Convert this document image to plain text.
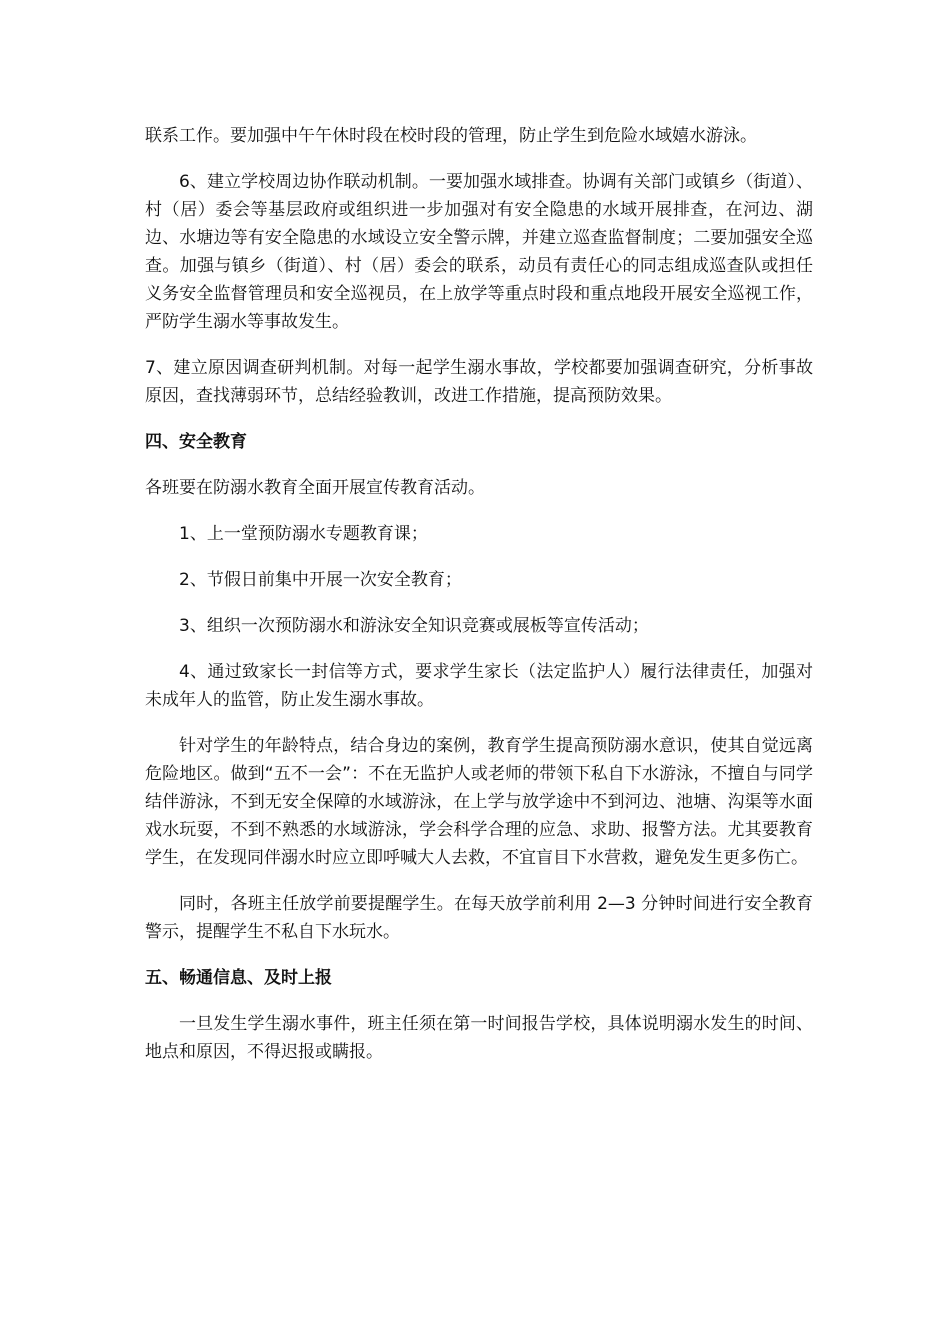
联系工作。要加强中午午休时段在校时段的管理，防止学生到危险水域嬉水游泳。

6、建立学校周边协作联动机制。一要加强水域排查。协调有关部门或镇乡（街道）、村（居）委会等基层政府或组织进一步加强对有安全隐患的水域开展排查，在河边、湖边、水塘边等有安全隐患的水域设立安全警示牌，并建立巡查监督制度；二要加强安全巡查。加强与镇乡（街道）、村（居）委会的联系，动员有责任心的同志组成巡查队或担任义务安全监督管理员和安全巡视员，在上放学等重点时段和重点地段开展安全巡视工作，严防学生溺水等事故发生。

7、建立原因调查研判机制。对每一起学生溺水事故，学校都要加强调查研究，分析事故原因，查找薄弱环节，总结经验教训，改进工作措施，提高预防效果。

四、安全教育

各班要在防溺水教育全面开展宣传教育活动。

1、上一堂预防溺水专题教育课；

2、节假日前集中开展一次安全教育；

3、组织一次预防溺水和游泳安全知识竞赛或展板等宣传活动；

4、通过致家长一封信等方式，要求学生家长（法定监护人）履行法律责任，加强对未成年人的监管，防止发生溺水事故。

针对学生的年龄特点，结合身边的案例，教育学生提高预防溺水意识，使其自觉远离危险地区。做到“五不一会”：不在无监护人或老师的带领下私自下水游泳，不擅自与同学结伴游泳，不到无安全保障的水域游泳，在上学与放学途中不到河边、池塘、沟渠等水面戏水玩耍，不到不熟悉的水域游泳，学会科学合理的应急、求助、报警方法。尤其要教育学生，在发现同伴溺水时应立即呼喊大人去救，不宜盲目下水营救，避免发生更多伤亡。

同时，各班主任放学前要提醒学生。在每天放学前利用 2—3 分钟时间进行安全教育警示，提醒学生不私自下水玩水。

五、畅通信息、及时上报

一旦发生学生溺水事件，班主任须在第一时间报告学校，具体说明溺水发生的时间、地点和原因，不得迟报或瞒报。
